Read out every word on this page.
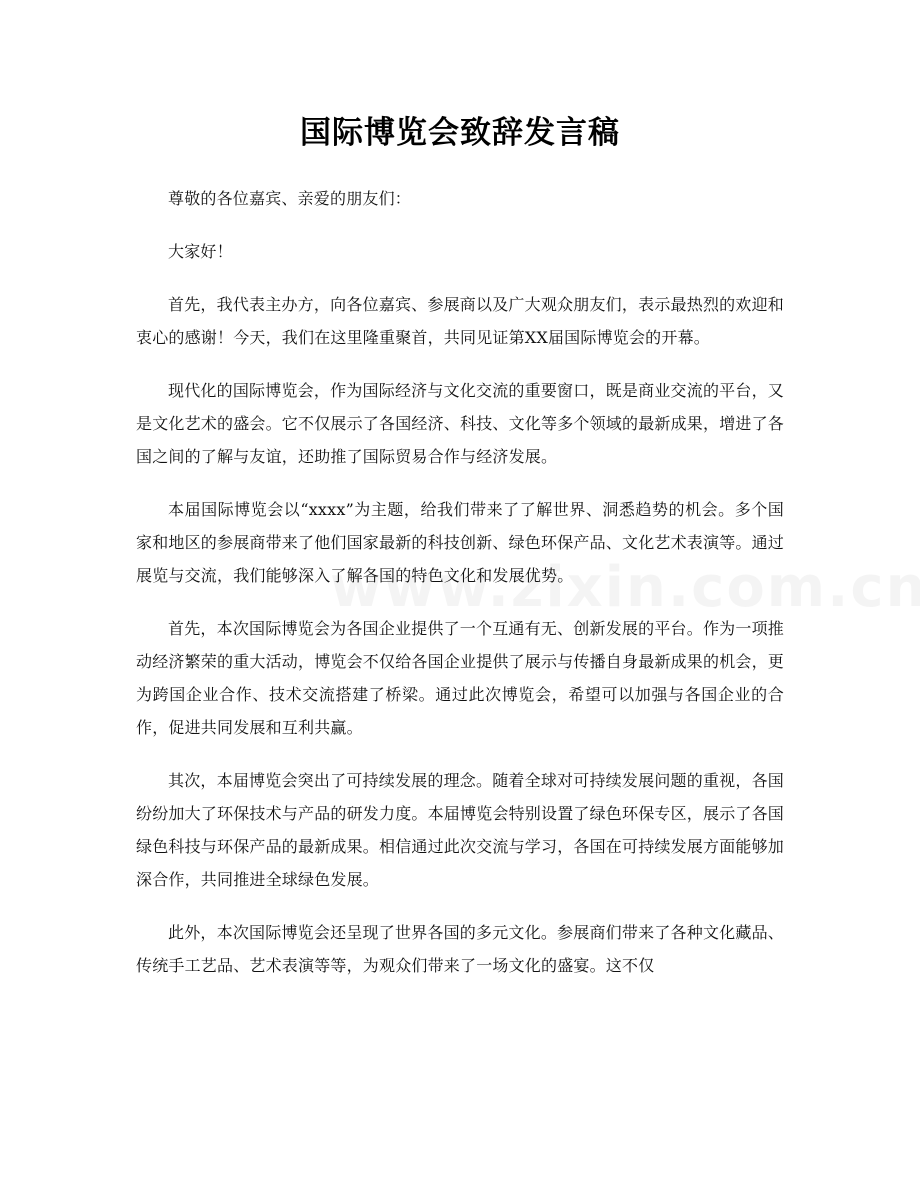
国际博览会致辞发言稿

尊敬的各位嘉宾、亲爱的朋友们：

大家好！

首先，我代表主办方，向各位嘉宾、参展商以及广大观众朋友们，表示最热烈的欢迎和衷心的感谢！今天，我们在这里隆重聚首，共同见证第XX届国际博览会的开幕。

现代化的国际博览会，作为国际经济与文化交流的重要窗口，既是商业交流的平台，又是文化艺术的盛会。它不仅展示了各国经济、科技、文化等多个领域的最新成果，增进了各国之间的了解与友谊，还助推了国际贸易合作与经济发展。

本届国际博览会以“xxxx”为主题，给我们带来了了解世界、洞悉趋势的机会。多个国家和地区的参展商带来了他们国家最新的科技创新、绿色环保产品、文化艺术表演等。通过展览与交流，我们能够深入了解各国的特色文化和发展优势。

首先，本次国际博览会为各国企业提供了一个互通有无、创新发展的平台。作为一项推动经济繁荣的重大活动，博览会不仅给各国企业提供了展示与传播自身最新成果的机会，更为跨国企业合作、技术交流搭建了桥梁。通过此次博览会，希望可以加强与各国企业的合作，促进共同发展和互利共赢。

其次，本届博览会突出了可持续发展的理念。随着全球对可持续发展问题的重视，各国纷纷加大了环保技术与产品的研发力度。本届博览会特别设置了绿色环保专区，展示了各国绿色科技与环保产品的最新成果。相信通过此次交流与学习，各国在可持续发展方面能够加深合作，共同推进全球绿色发展。

此外，本次国际博览会还呈现了世界各国的多元文化。参展商们带来了各种文化藏品、传统手工艺品、艺术表演等等，为观众们带来了一场文化的盛宴。这不仅
